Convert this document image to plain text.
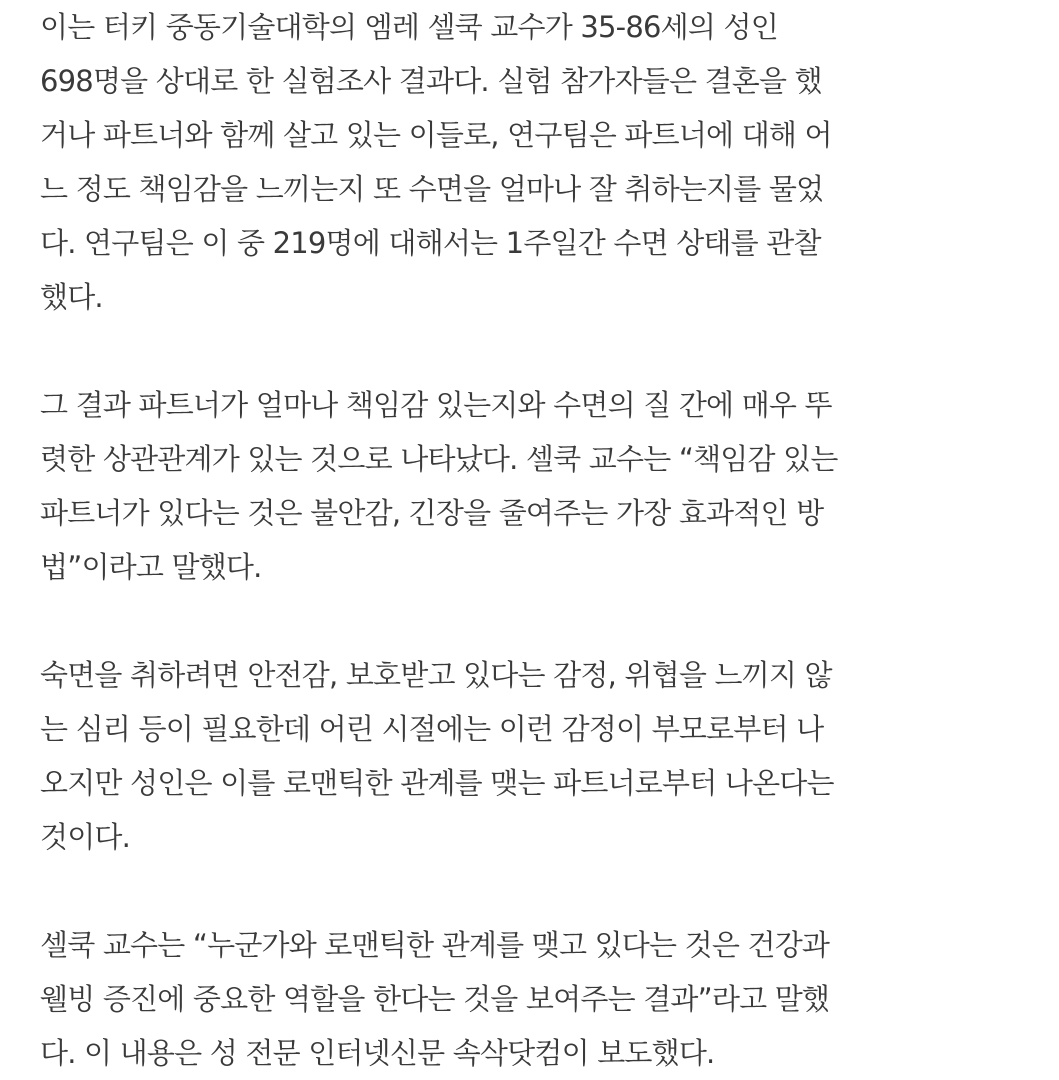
이는 터키 중동기술대학의 엠레 셀쿡 교수가 35-86세의 성인
698명을 상대로 한 실험조사 결과다. 실험 참가자들은 결혼을 했
거나 파트너와 함께 살고 있는 이들로, 연구팀은 파트너에 대해 어
느 정도 책임감을 느끼는지 또 수면을 얼마나 잘 취하는지를 물었
다. 연구팀은 이 중 219명에 대해서는 1주일간 수면 상태를 관찰
했다.
그 결과 파트너가 얼마나 책임감 있는지와 수면의 질 간에 매우 뚜
렷한 상관관계가 있는 것으로 나타났다. 셀쿡 교수는 “책임감 있는
파트너가 있다는 것은 불안감, 긴장을 줄여주는 가장 효과적인 방
법”이라고 말했다.
숙면을 취하려면 안전감, 보호받고 있다는 감정, 위협을 느끼지 않
는 심리 등이 필요한데 어린 시절에는 이런 감정이 부모로부터 나
오지만 성인은 이를 로맨틱한 관계를 맺는 파트너로부터 나온다는
것이다.
셀쿡 교수는 “누군가와 로맨틱한 관계를 맺고 있다는 것은 건강과
웰빙 증진에 중요한 역할을 한다는 것을 보여주는 결과”라고 말했
다. 이 내용은 성 전문 인터넷신문 속삭닷컴이 보도했다.
